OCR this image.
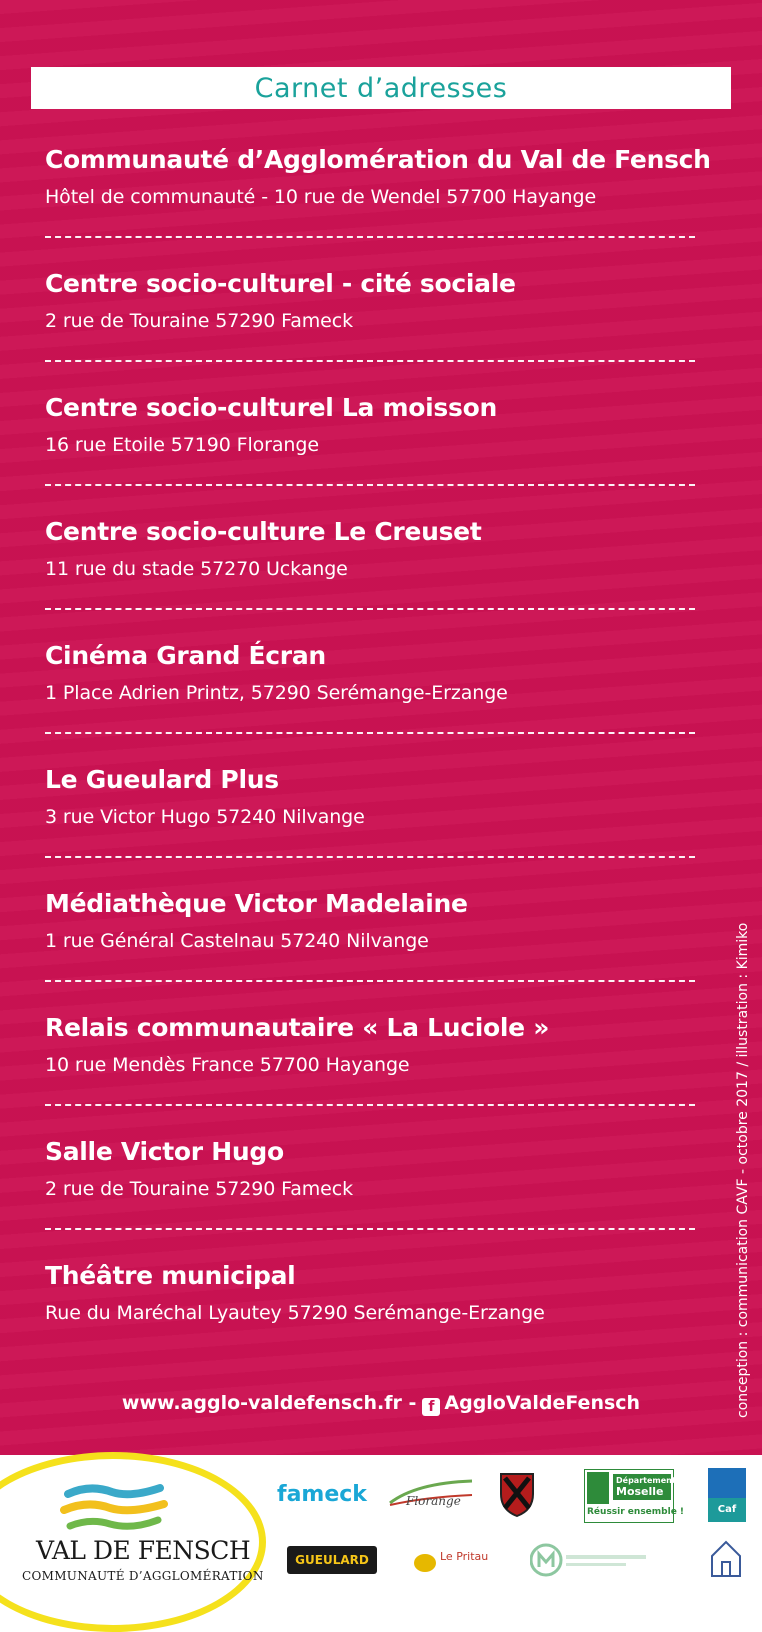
Carnet d’adresses
Communauté d’Agglomération du Val de Fensch
Hôtel de communauté - 10 rue de Wendel 57700 Hayange
Centre socio-culturel - cité sociale
2 rue de Touraine 57290 Fameck
Centre socio-culturel La moisson
16 rue Etoile 57190 Florange
Centre socio-culture Le Creuset
11 rue du stade 57270 Uckange
Cinéma Grand Écran
1 Place Adrien Printz, 57290 Serémange-Erzange
Le Gueulard Plus
3 rue Victor Hugo 57240 Nilvange
Médiathèque Victor Madelaine
1 rue Général Castelnau 57240 Nilvange
Relais communautaire « La Luciole »
10 rue Mendès France 57700 Hayange
Salle Victor Hugo
2 rue de Touraine 57290 Fameck
Théâtre municipal
Rue du Maréchal Lyautey 57290 Serémange-Erzange
www.agglo-valdefensch.fr - f AggloValdeFensch	conception : communication CAVF - octobre 2017 / illustration : Kimiko
VAL DE FENSCH
COMMUNAUTÉ D’AGGLOMÉRATION
fameck	Florange
Département
Moselle
Réussir ensemble !	Caf
GUEULARD	Le Pritau
